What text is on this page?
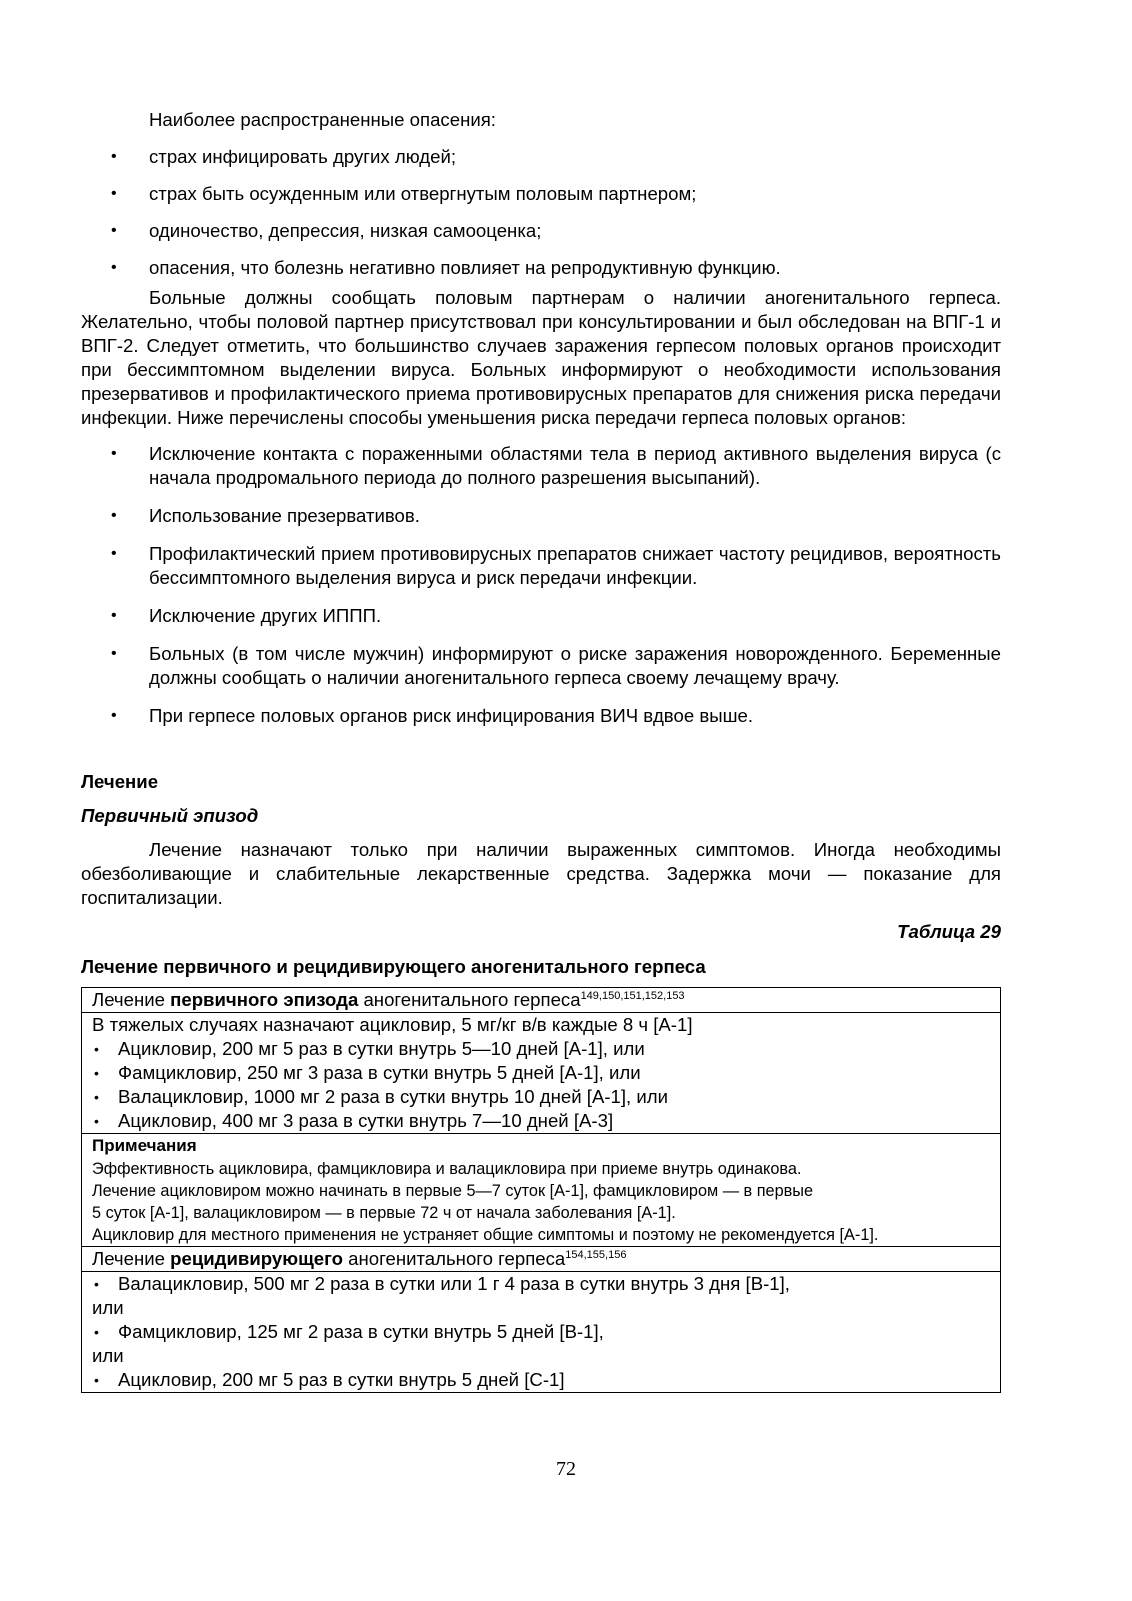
Наиболее распространенные опасения:

• страх инфицировать других людей;
• страх быть осужденным или отвергнутым половым партнером;
• одиночество, депрессия, низкая самооценка;
• опасения, что болезнь негативно повлияет на репродуктивную функцию.

Больные должны сообщать половым партнерам о наличии аногенитального герпеса. Желательно, чтобы половой партнер присутствовал при консультировании и был обследован на ВПГ-1 и ВПГ-2. Следует отметить, что большинство случаев заражения герпесом половых органов происходит при бессимптомном выделении вируса. Больных информируют о необходимости использования презервативов и профилактического приема противовирусных препаратов для снижения риска передачи инфекции. Ниже перечислены способы уменьшения риска передачи герпеса половых органов:

• Исключение контакта с пораженными областями тела в период активного выделения вируса (с начала продромального периода до полного разрешения высыпаний).
• Использование презервативов.
• Профилактический прием противовирусных препаратов снижает частоту рецидивов, вероятность бессимптомного выделения вируса и риск передачи инфекции.
• Исключение других ИППП.
• Больных (в том числе мужчин) информируют о риске заражения новорожденного. Беременные должны сообщать о наличии аногенитального герпеса своему лечащему врачу.
• При герпесе половых органов риск инфицирования ВИЧ вдвое выше.
Лечение
Первичный эпизод

Лечение назначают только при наличии выраженных симптомов. Иногда необходимы обезболивающие и слабительные лекарственные средства. Задержка мочи — показание для госпитализации.

Таблица 29

Лечение первичного и рецидивирующего аногенитального герпеса

Лечение первичного эпизода аногенитального герпеса$^{149,150,151,152,153}$

В тяжелых случаях назначают ацикловир, 5 мг/кг в/в каждые 8 ч [A-1]
• Ацикловир, 200 мг 5 раз в сутки внутрь 5—10 дней [A-1], или
• Фамцикловир, 250 мг 3 раза в сутки внутрь 5 дней [A-1], или
• Валацикловир, 1000 мг 2 раза в сутки внутрь 10 дней [A-1], или
• Ацикловир, 400 мг 3 раза в сутки внутрь 7—10 дней [A-3]

Примечания
Эффективность ацикловира, фамцикловира и валацикловира при приеме внутрь одинакова.
Лечение ацикловиром можно начинать в первые 5—7 суток [A-1], фамцикловиром — в первые
5 суток [A-1], валацикловиром — в первые 72 ч от начала заболевания [A-1].
Ацикловир для местного применения не устраняет общие симптомы и поэтому не рекомендуется [A-1].

Лечение рецидивирующего аногенитального герпеса$^{154,155,156}$

• Валацикловир, 500 мг 2 раза в сутки или 1 г 4 раза в сутки внутрь 3 дня [B-1],
или
• Фамцикловир, 125 мг 2 раза в сутки внутрь 5 дней [B-1],
или
• Ацикловир, 200 мг 5 раз в сутки внутрь 5 дней [C-1]
72
